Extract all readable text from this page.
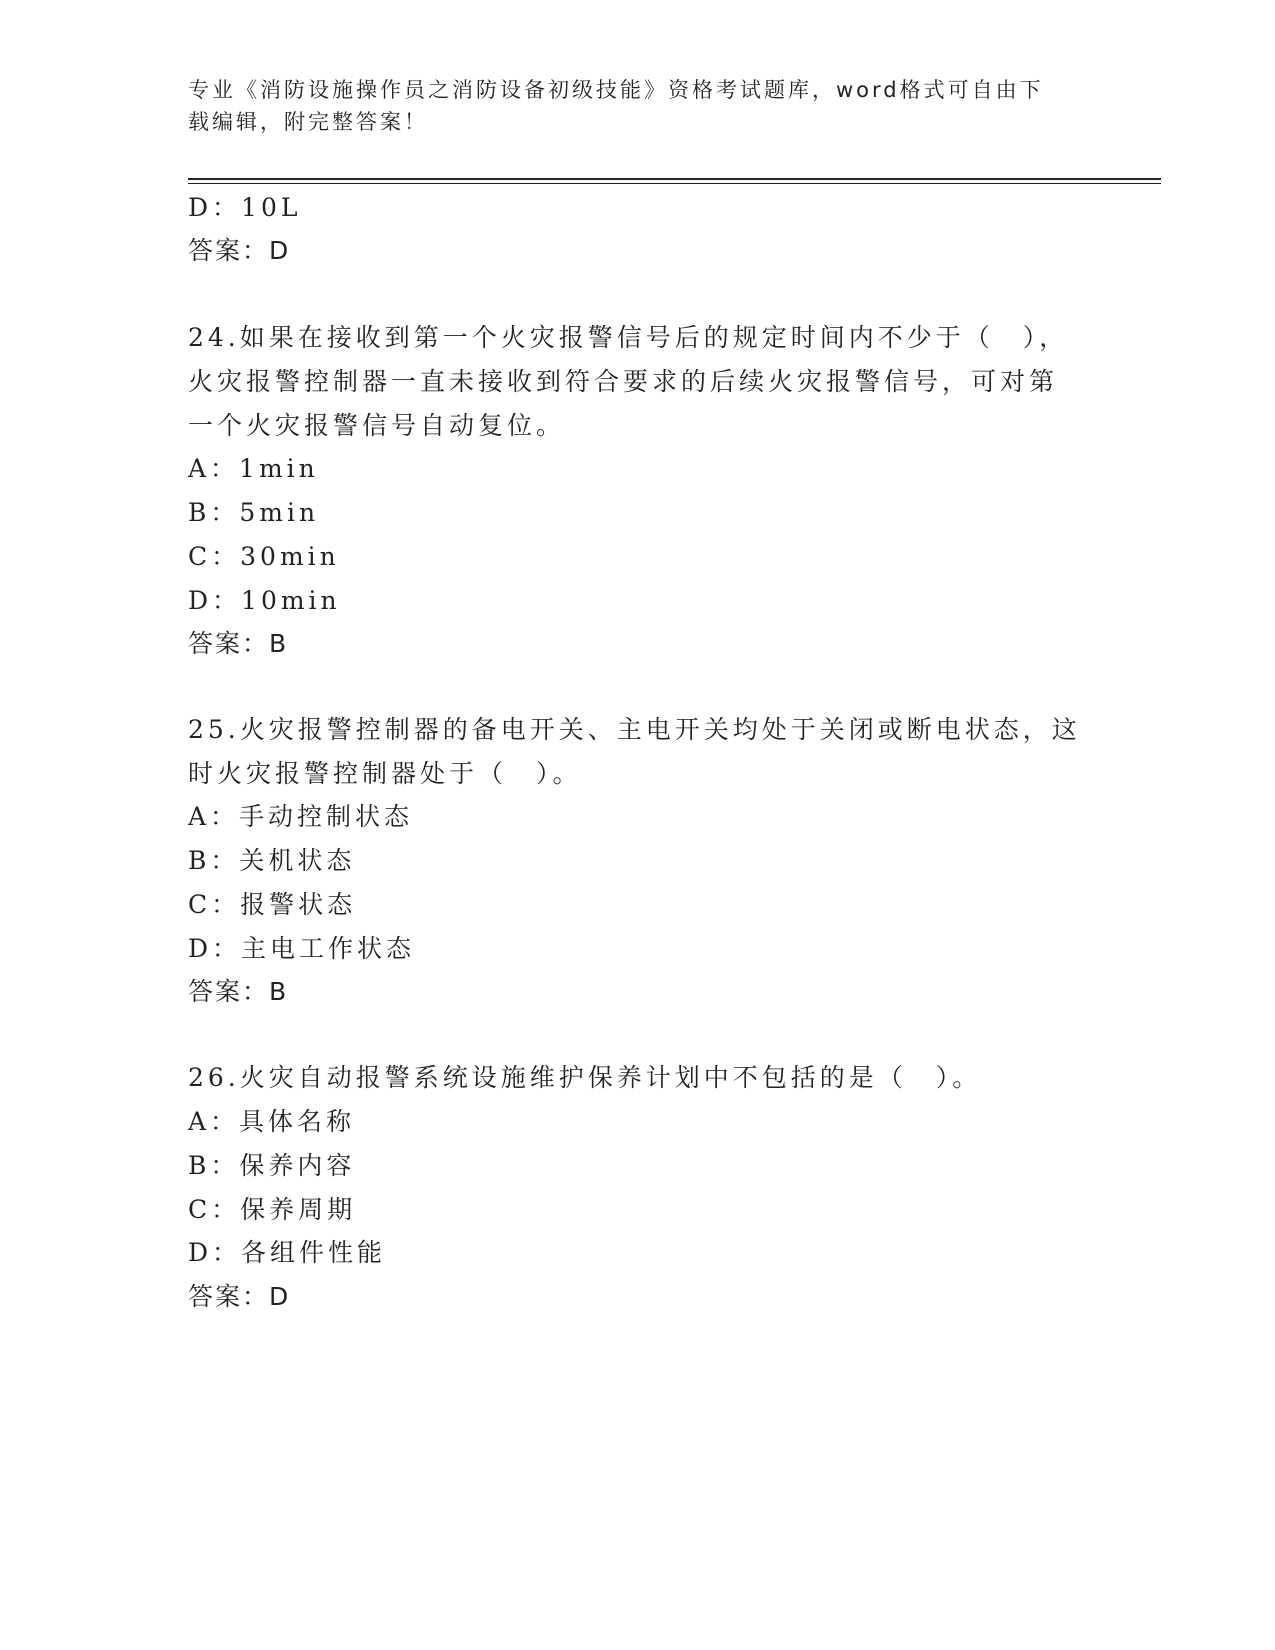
专业《消防设施操作员之消防设备初级技能》资格考试题库，word格式可自由下
载编辑，附完整答案！
D：10L
答案：D
24.如果在接收到第一个火灾报警信号后的规定时间内不少于（　），
火灾报警控制器一直未接收到符合要求的后续火灾报警信号，可对第
一个火灾报警信号自动复位。
A：1min
B：5min
C：30min
D：10min
答案：B
25.火灾报警控制器的备电开关、主电开关均处于关闭或断电状态，这
时火灾报警控制器处于（　）。
A：手动控制状态
B：关机状态
C：报警状态
D：主电工作状态
答案：B
26.火灾自动报警系统设施维护保养计划中不包括的是（　）。
A：具体名称
B：保养内容
C：保养周期
D：各组件性能
答案：D
